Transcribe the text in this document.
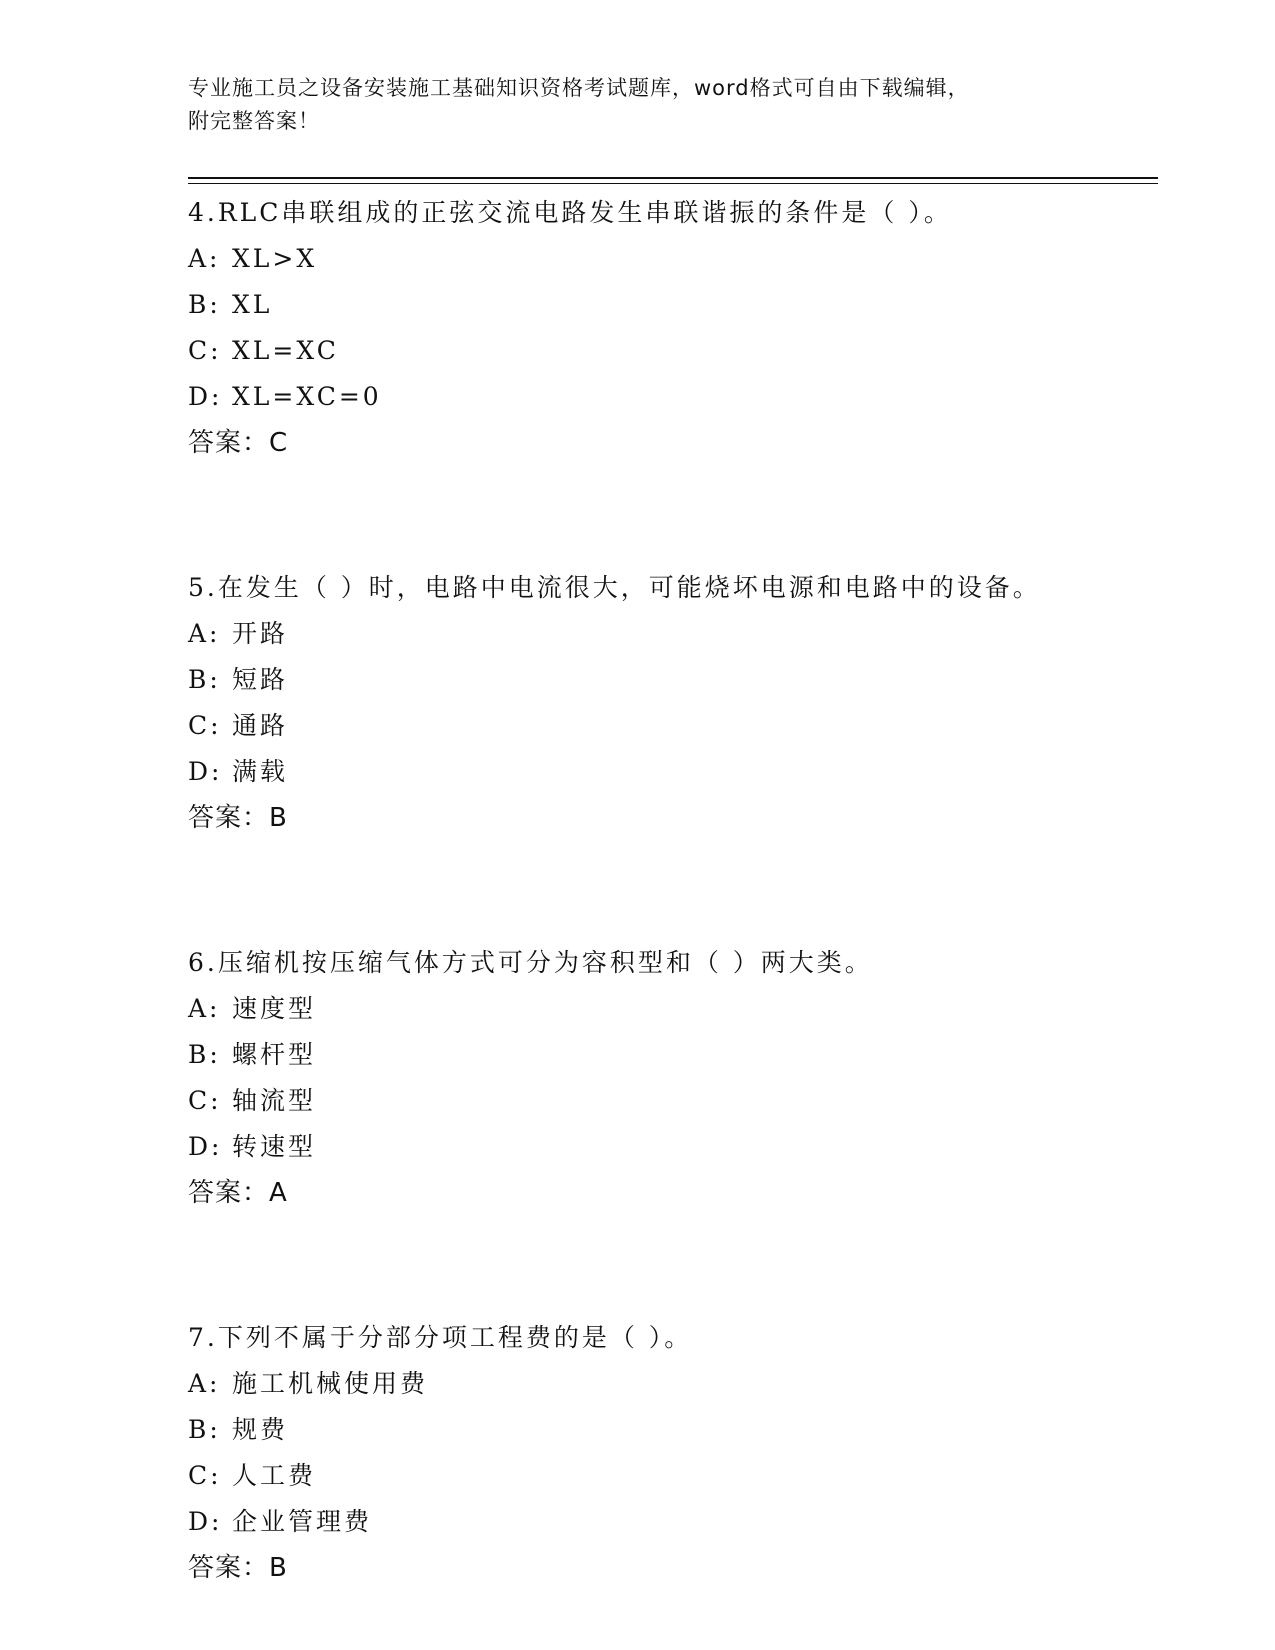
专业施工员之设备安装施工基础知识资格考试题库，word格式可自由下载编辑，
附完整答案！
4.RLC串联组成的正弦交流电路发生串联谐振的条件是（ ）。
A: XL>X
B: XL
C: XL=XC
D: XL=XC=0
答案：C
5.在发生（ ）时，电路中电流很大，可能烧坏电源和电路中的设备。
A: 开路
B: 短路
C: 通路
D: 满载
答案：B
6.压缩机按压缩气体方式可分为容积型和（ ）两大类。
A: 速度型
B: 螺杆型
C: 轴流型
D: 转速型
答案：A
7.下列不属于分部分项工程费的是（ ）。
A: 施工机械使用费
B: 规费
C: 人工费
D: 企业管理费
答案：B
